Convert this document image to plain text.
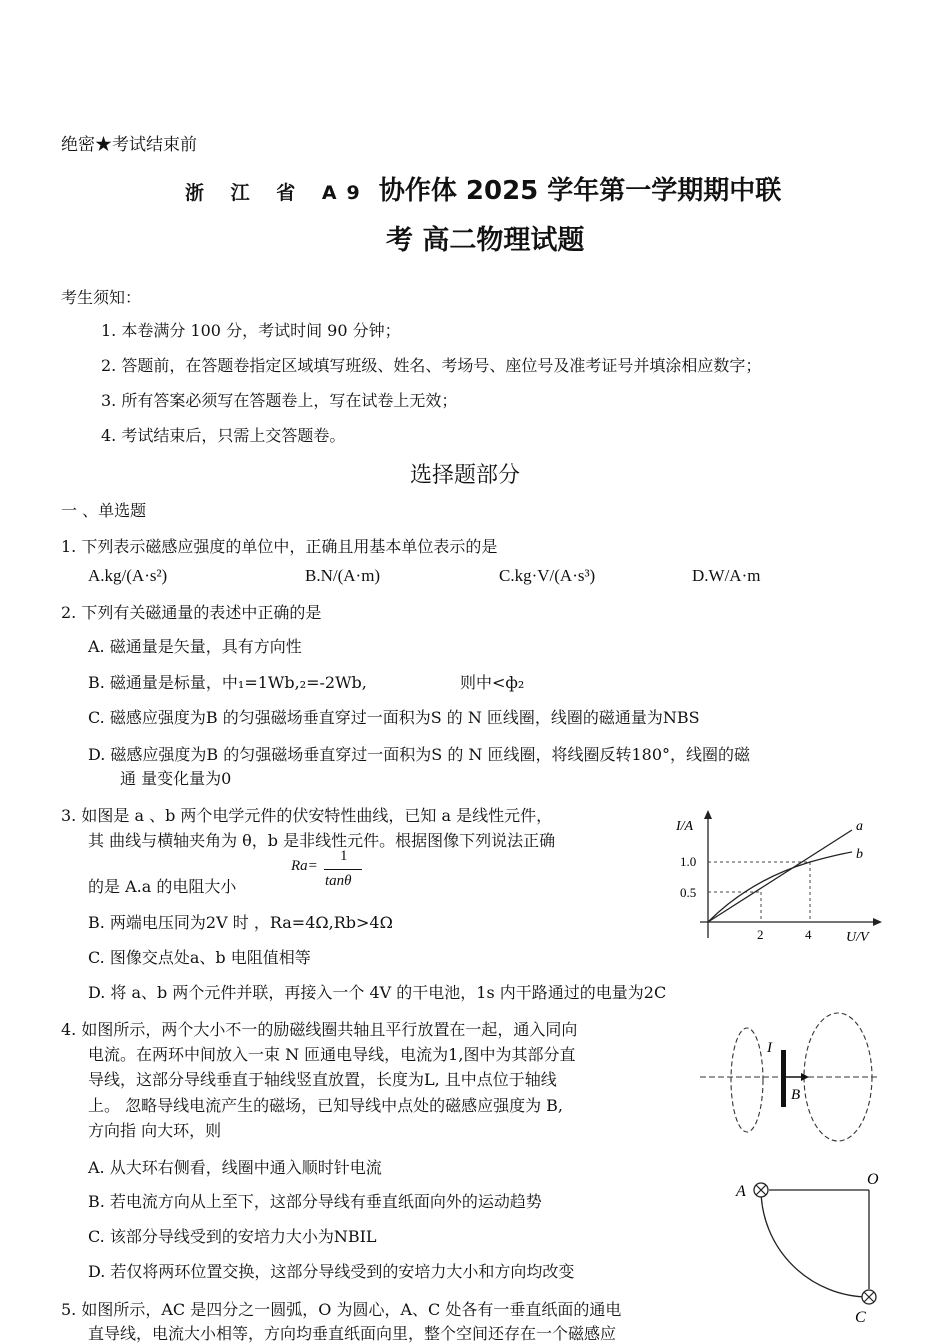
绝密★考试结束前
浙 江 省 A9 协作体 2025 学年第一学期期中联
考 高二物理试题
考生须知：
1. 本卷满分 100 分，考试时间 90 分钟；
2. 答题前，在答题卷指定区域填写班级、姓名、考场号、座位号及准考证号并填涂相应数字；
3. 所有答案必须写在答题卷上，写在试卷上无效；
4. 考试结束后，只需上交答题卷。
选择题部分
一 、单选题
1. 下列表示磁感应强度的单位中，正确且用基本单位表示的是
A.kg/(A·s²)	B.N/(A·m)	C.kg·V/(A·s³)	D.W/A·m
2. 下列有关磁通量的表述中正确的是
A. 磁通量是矢量，具有方向性
B. 磁通量是标量，中₁=1Wb,₂=-2Wb,	则中<ф₂
C. 磁感应强度为B 的匀强磁场垂直穿过一面积为S 的 N 匝线圈，线圈的磁通量为NBS
D. 磁感应强度为B 的匀强磁场垂直穿过一面积为S 的 N 匝线圈，将线圈反转180°，线圈的磁
通 量变化量为0
3. 如图是 a 、b 两个电学元件的伏安特性曲线，已知 a 是线性元件，
其 曲线与横轴夹角为 θ，b 是非线性元件。根据图像下列说法正确
的是 A.a 的电阻大小
Ra=
1
tanθ
B. 两端电压同为2V 时 ，Ra=4Ω,Rb>4Ω
C. 图像交点处a、b 电阻值相等
D. 将 a、b 两个元件并联，再接入一个 4V 的干电池，1s 内干路通过的电量为2C
I/A
U/V
1.0
0.5
2	4
a
b
4. 如图所示，两个大小不一的励磁线圈共轴且平行放置在一起，通入同向
电流。在两环中间放入一束 N 匝通电导线，电流为1,图中为其部分直
导线，这部分导线垂直于轴线竖直放置，长度为L, 且中点位于轴线
上。 忽略导线电流产生的磁场，已知导线中点处的磁感应强度为 B,
方向指 向大环，则
A. 从大环右侧看，线圈中通入顺时针电流
B. 若电流方向从上至下，这部分导线有垂直纸面向外的运动趋势
C. 该部分导线受到的安培力大小为NBIL
D. 若仅将两环位置交换，这部分导线受到的安培力大小和方向均改变
I
B
A
O
C
5. 如图所示，AC 是四分之一圆弧，O 为圆心，A、C 处各有一垂直纸面的通电
直导线，电流大小相等，方向均垂直纸面向里，整个空间还存在一个磁感应
